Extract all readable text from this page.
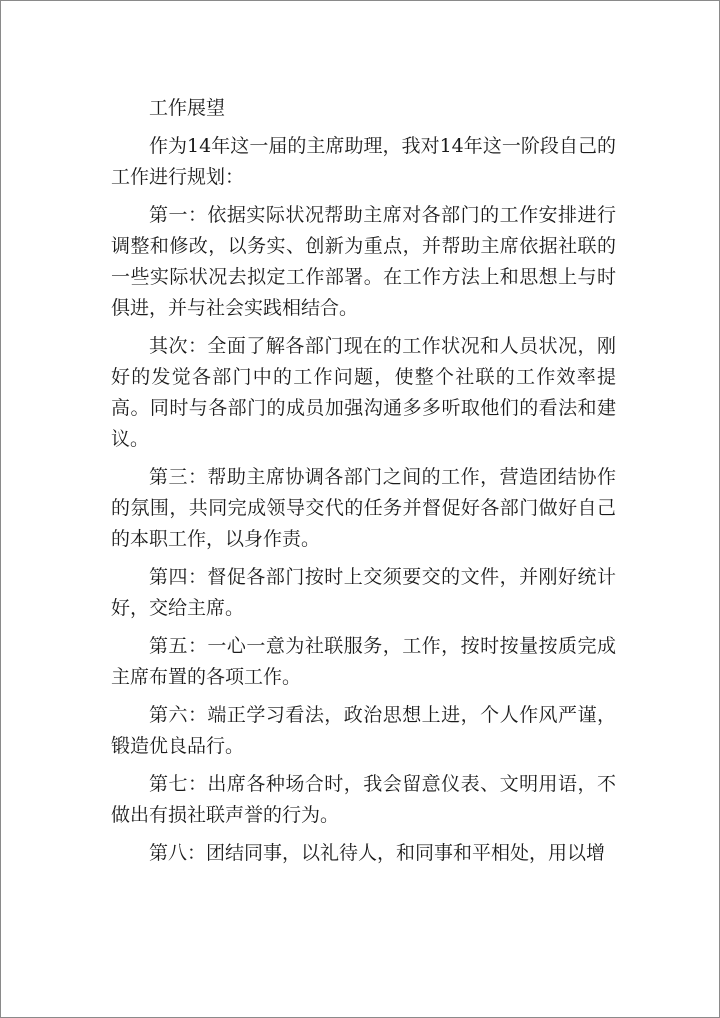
工作展望

作为14年这一届的主席助理，我对14年这一阶段自己的工作进行规划：

第一：依据实际状况帮助主席对各部门的工作安排进行调整和修改，以务实、创新为重点，并帮助主席依据社联的一些实际状况去拟定工作部署。在工作方法上和思想上与时俱进，并与社会实践相结合。

其次：全面了解各部门现在的工作状况和人员状况，刚好的发觉各部门中的工作问题，使整个社联的工作效率提高。同时与各部门的成员加强沟通多多听取他们的看法和建议。

第三：帮助主席协调各部门之间的工作，营造团结协作的氛围，共同完成领导交代的任务并督促好各部门做好自己的本职工作，以身作责。

第四：督促各部门按时上交须要交的文件，并刚好统计好，交给主席。

第五：一心一意为社联服务，工作，按时按量按质完成主席布置的各项工作。

第六：端正学习看法，政治思想上进，个人作风严谨，锻造优良品行。

第七：出席各种场合时，我会留意仪表、文明用语，不做出有损社联声誉的行为。

第八：团结同事，以礼待人，和同事和平相处，用以增
